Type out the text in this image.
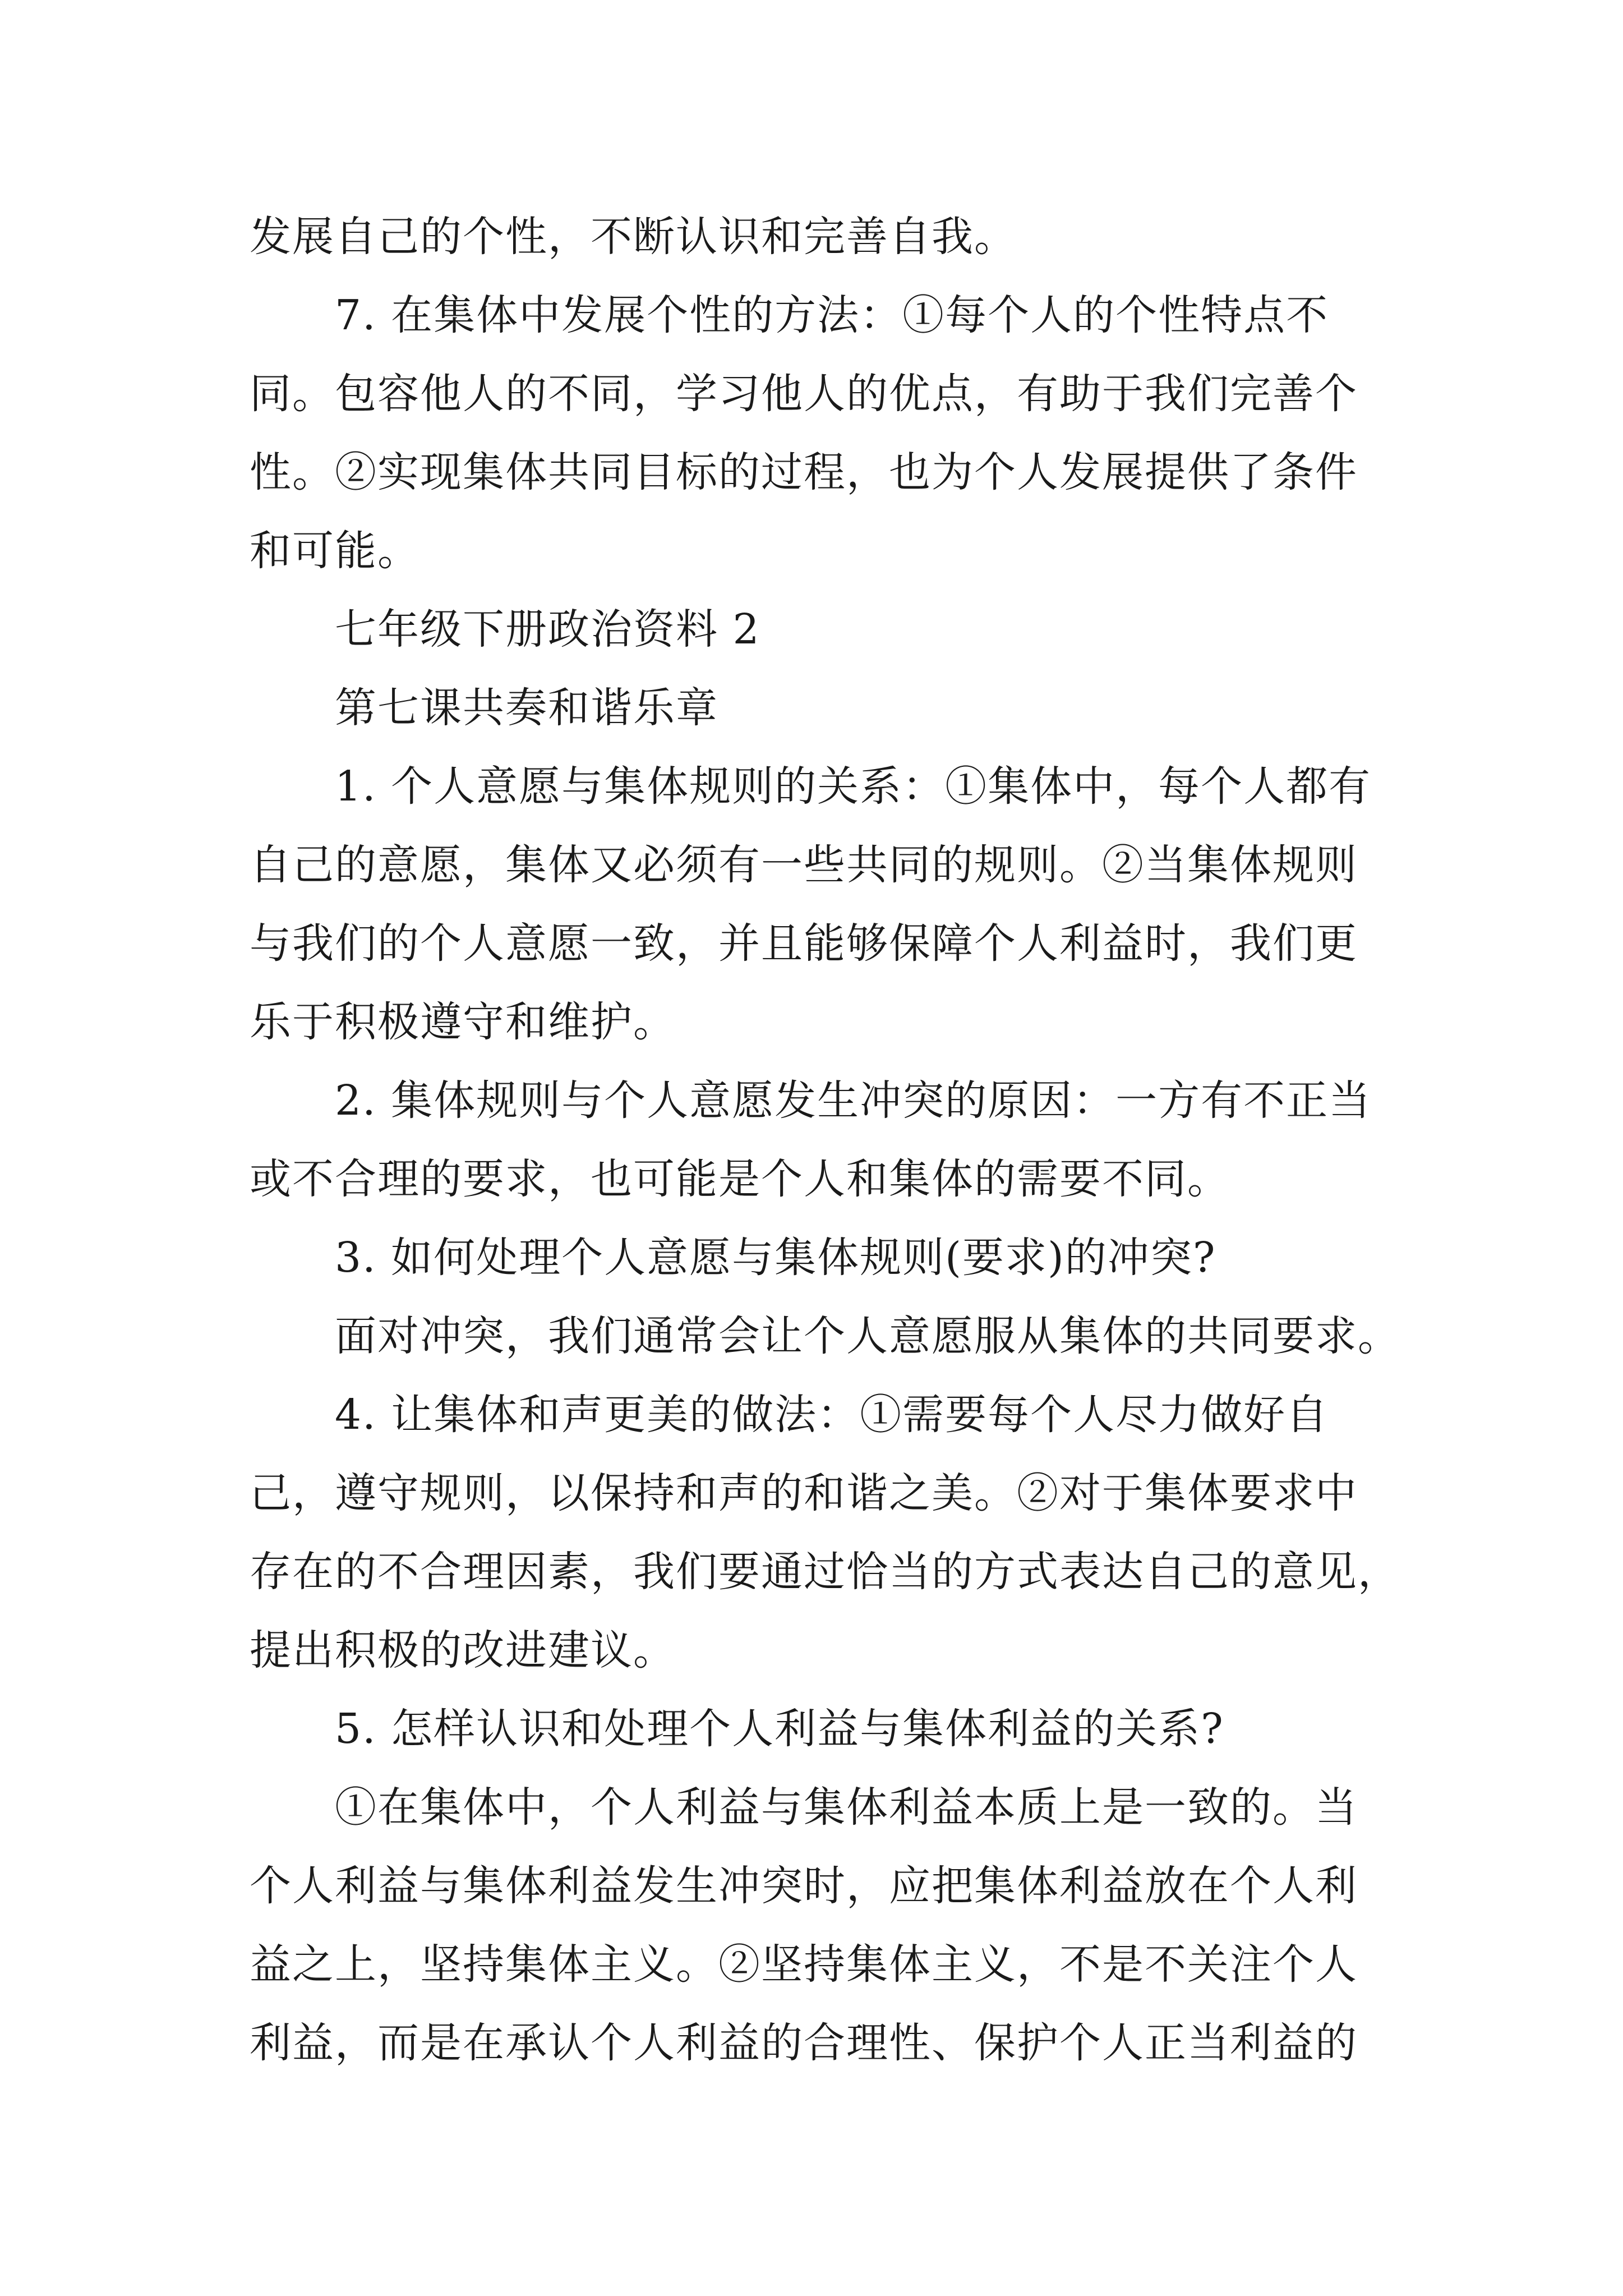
发展自己的个性，不断认识和完善自我。
7. 在集体中发展个性的方法：①每个人的个性特点不
同。包容他人的不同，学习他人的优点，有助于我们完善个
性。②实现集体共同目标的过程，也为个人发展提供了条件
和可能。
七年级下册政治资料 2
第七课共奏和谐乐章
1. 个人意愿与集体规则的关系：①集体中，每个人都有
自己的意愿，集体又必须有一些共同的规则。②当集体规则
与我们的个人意愿一致，并且能够保障个人利益时，我们更
乐于积极遵守和维护。
2. 集体规则与个人意愿发生冲突的原因：一方有不正当
或不合理的要求，也可能是个人和集体的需要不同。
3. 如何处理个人意愿与集体规则(要求)的冲突?
面对冲突，我们通常会让个人意愿服从集体的共同要求。
4. 让集体和声更美的做法：①需要每个人尽力做好自
己，遵守规则，以保持和声的和谐之美。②对于集体要求中
存在的不合理因素，我们要通过恰当的方式表达自己的意见，
提出积极的改进建议。
5. 怎样认识和处理个人利益与集体利益的关系?
①在集体中，个人利益与集体利益本质上是一致的。当
个人利益与集体利益发生冲突时，应把集体利益放在个人利
益之上，坚持集体主义。②坚持集体主义，不是不关注个人
利益，而是在承认个人利益的合理性、保护个人正当利益的
